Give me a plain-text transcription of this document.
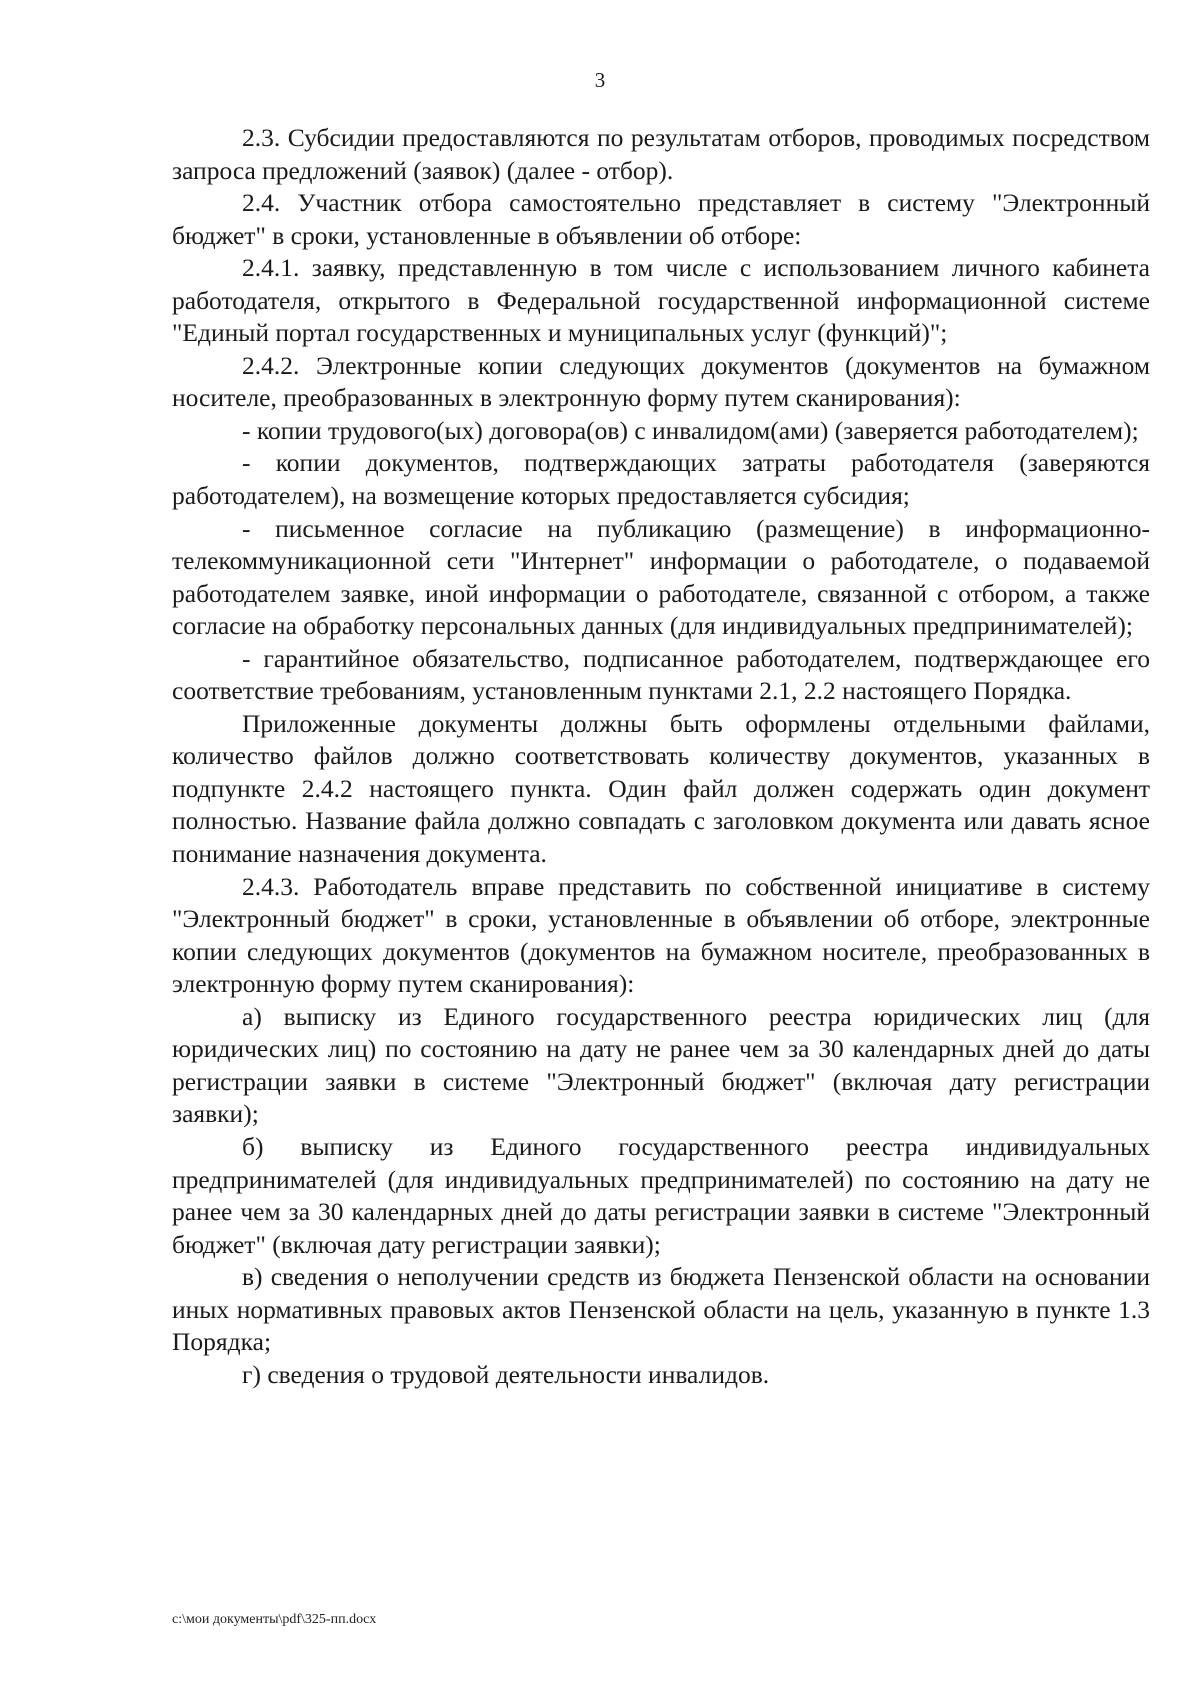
3

2.3. Субсидии предоставляются по результатам отборов, проводимых посредством запроса предложений (заявок) (далее - отбор).

2.4. Участник отбора самостоятельно представляет в систему "Электронный бюджет" в сроки, установленные в объявлении об отборе:

2.4.1. заявку, представленную в том числе с использованием личного кабинета работодателя, открытого в Федеральной государственной информационной системе "Единый портал государственных и муниципальных услуг (функций)";

2.4.2. Электронные копии следующих документов (документов на бумажном носителе, преобразованных в электронную форму путем сканирования):

- копии трудового(ых) договора(ов) с инвалидом(ами) (заверяется работодателем);

- копии документов, подтверждающих затраты работодателя (заверяются работодателем), на возмещение которых предоставляется субсидия;

- письменное согласие на публикацию (размещение) в информационно-телекоммуникационной сети "Интернет" информации о работодателе, о подаваемой работодателем заявке, иной информации о работодателе, связанной с отбором, а также согласие на обработку персональных данных (для индивидуальных предпринимателей);

- гарантийное обязательство, подписанное работодателем, подтверждающее его соответствие требованиям, установленным пунктами 2.1, 2.2 настоящего Порядка.

Приложенные документы должны быть оформлены отдельными файлами, количество файлов должно соответствовать количеству документов, указанных в подпункте 2.4.2 настоящего пункта. Один файл должен содержать один документ полностью. Название файла должно совпадать с заголовком документа или давать ясное понимание назначения документа.

2.4.3. Работодатель вправе представить по собственной инициативе в систему "Электронный бюджет" в сроки, установленные в объявлении об отборе, электронные копии следующих документов (документов на бумажном носителе, преобразованных в электронную форму путем сканирования):

а) выписку из Единого государственного реестра юридических лиц (для юридических лиц) по состоянию на дату не ранее чем за 30 календарных дней до даты регистрации заявки в системе "Электронный бюджет" (включая дату регистрации заявки);

б) выписку из Единого государственного реестра индивидуальных предпринимателей (для индивидуальных предпринимателей) по состоянию на дату не ранее чем за 30 календарных дней до даты регистрации заявки в системе "Электронный бюджет" (включая дату регистрации заявки);

в) сведения о неполучении средств из бюджета Пензенской области на основании иных нормативных правовых актов Пензенской области на цель, указанную в пункте 1.3 Порядка;

г) сведения о трудовой деятельности инвалидов.

c:\мои документы\pdf\325-пп.docx
